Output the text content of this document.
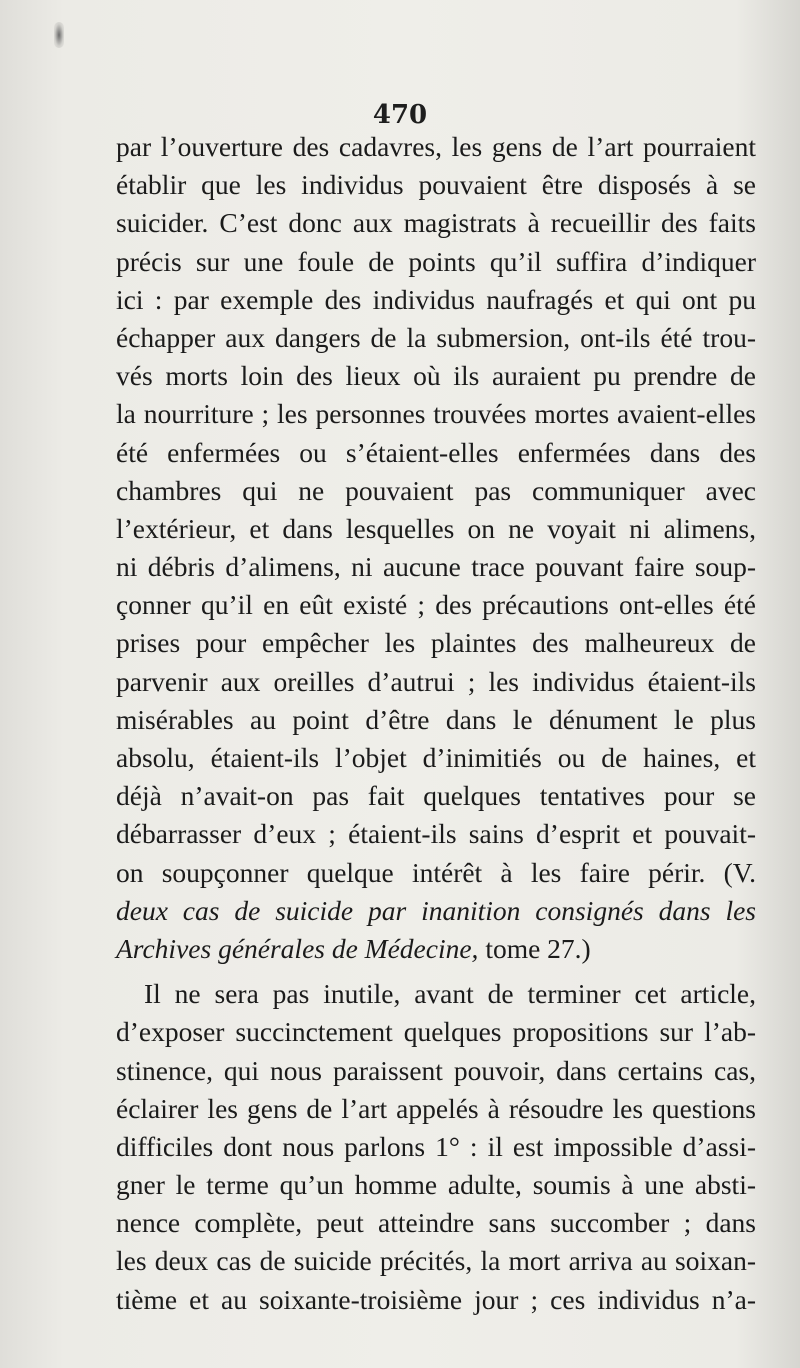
470
par l’ouverture des cadavres, les gens de l’art pourraient
établir que les individus pouvaient être disposés à se
suicider. C’est donc aux magistrats à recueillir des faits
précis sur une foule de points qu’il suffira d’indiquer
ici : par exemple des individus naufragés et qui ont pu
échapper aux dangers de la submersion, ont-ils été trou-
vés morts loin des lieux où ils auraient pu prendre de
la nourriture ; les personnes trouvées mortes avaient-elles
été enfermées ou s’étaient-elles enfermées dans des
chambres qui ne pouvaient pas communiquer avec
l’extérieur, et dans lesquelles on ne voyait ni alimens,
ni débris d’alimens, ni aucune trace pouvant faire soup-
çonner qu’il en eût existé ; des précautions ont-elles été
prises pour empêcher les plaintes des malheureux de
parvenir aux oreilles d’autrui ; les individus étaient-ils
misérables au point d’être dans le dénument le plus
absolu, étaient-ils l’objet d’inimitiés ou de haines, et
déjà n’avait-on pas fait quelques tentatives pour se
débarrasser d’eux ; étaient-ils sains d’esprit et pouvait-
on soupçonner quelque intérêt à les faire périr. (V.
deux cas de suicide par inanition consignés dans les
Archives générales de Médecine, tome 27.)
Il ne sera pas inutile, avant de terminer cet article,
d’exposer succinctement quelques propositions sur l’ab-
stinence, qui nous paraissent pouvoir, dans certains cas,
éclairer les gens de l’art appelés à résoudre les questions
difficiles dont nous parlons 1° : il est impossible d’assi-
gner le terme qu’un homme adulte, soumis à une absti-
nence complète, peut atteindre sans succomber ; dans
les deux cas de suicide précités, la mort arriva au soixan-
tième et au soixante-troisième jour ; ces individus n’a-
